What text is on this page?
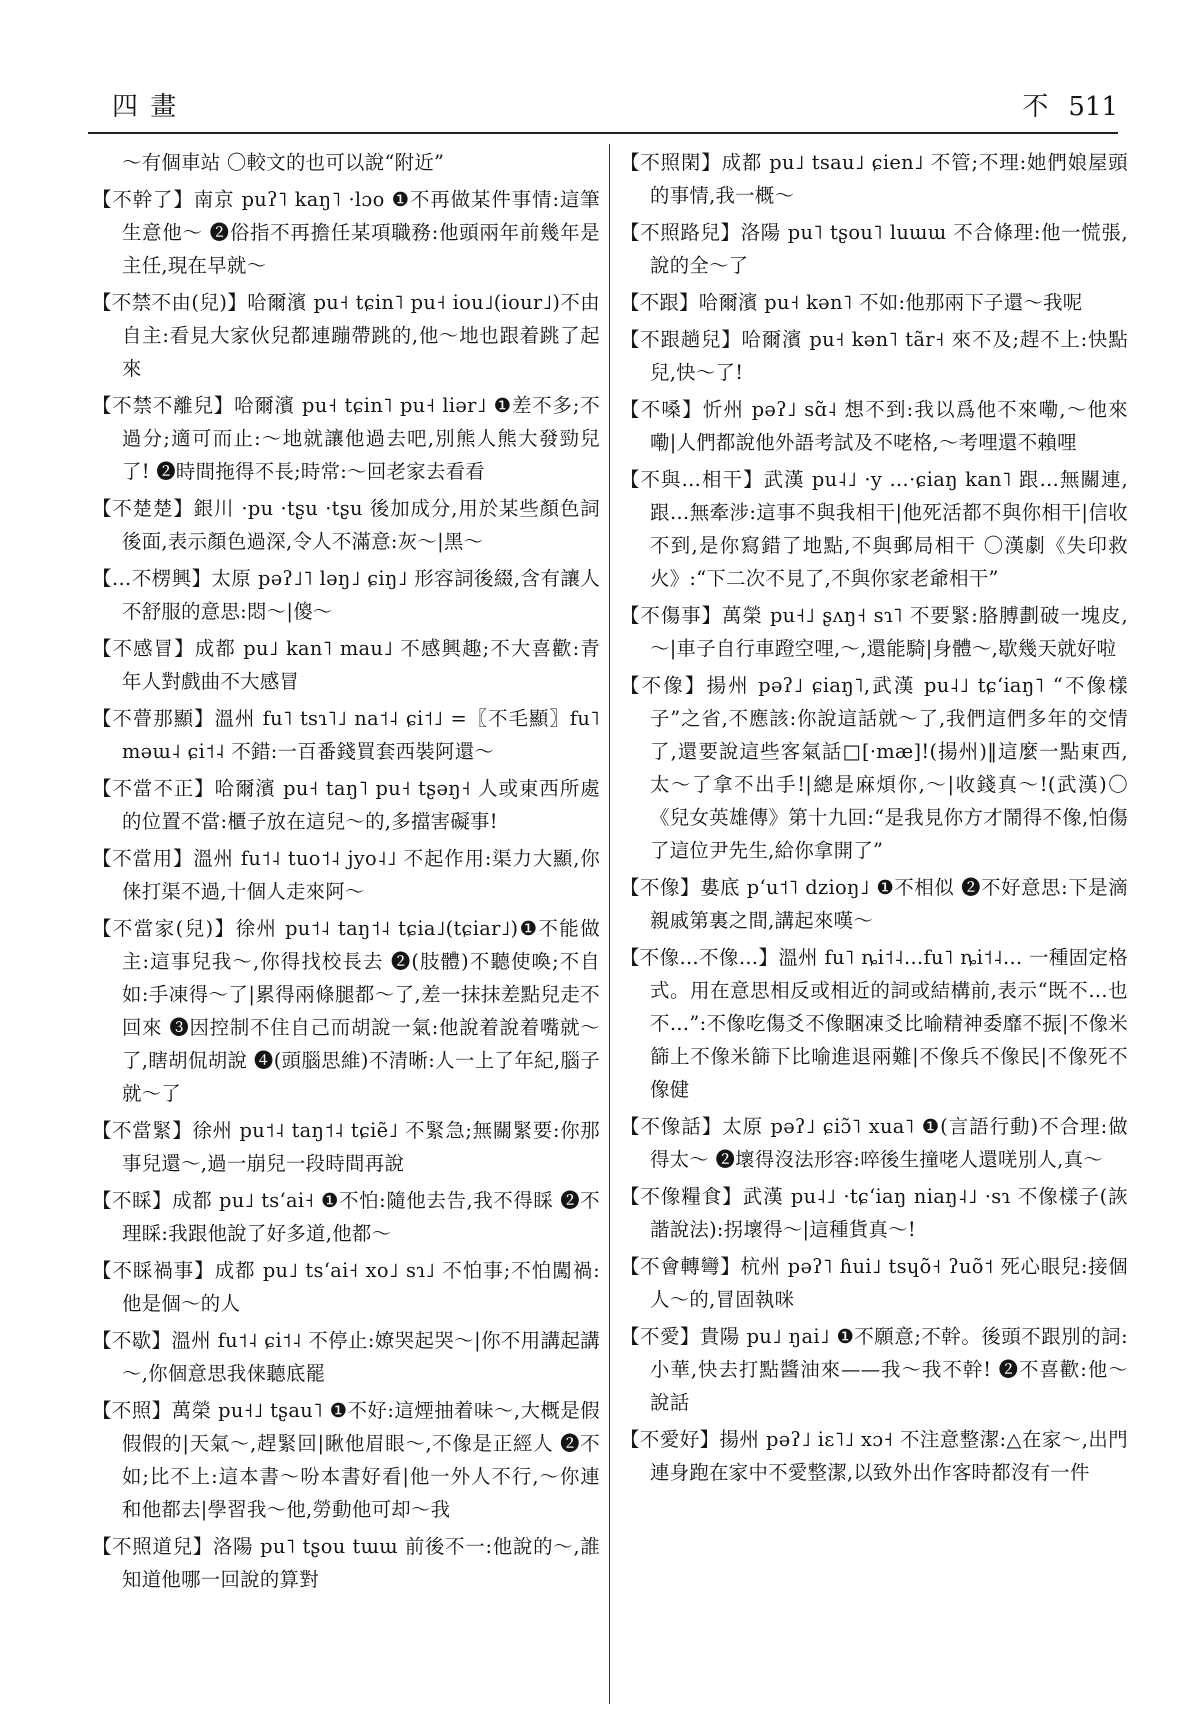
四 畫	不 511

～有個車站 〇較文的也可以說“附近”

【不幹了】南京 puʔ˥ kaŋ˥ ·lɔo ❶不再做某件事情:這筆生意他～ ❷俗指不再擔任某項職務:他頭兩年前幾年是主任,現在早就～

【不禁不由(兒)】哈爾濱 pu˧ tɕin˥ pu˧ iou˩(iour˩)不由自主:看見大家伙兒都連蹦帶跳的,他～地也跟着跳了起來

【不禁不離兒】哈爾濱 pu˧ tɕin˥ pu˧ liər˩ ❶差不多;不過分;適可而止:～地就讓他過去吧,別熊人熊大發勁兒了! ❷時間拖得不長;時常:～回老家去看看

【不楚楚】銀川 ·pu ·tʂu ·tʂu 後加成分,用於某些顏色詞後面,表示顏色過深,令人不滿意:灰～|黑～

【…不楞興】太原 pəʔ˩˥ ləŋ˩ ɕiŋ˩ 形容詞後綴,含有讓人不舒服的意思:悶～|傻～

【不感冒】成都 pu˩ kan˥ mau˩ 不感興趣;不大喜歡:青年人對戲曲不大感冒

【不瞢那顯】溫州 fu˥ tsɿ˥˩ na˦˨ ɕi˦˩ =〖不毛顯〗fu˥ məɯ˨ ɕi˦˨ 不錯:一百番錢買套西裝阿還～

【不當不正】哈爾濱 pu˧ taŋ˥ pu˧ tʂəŋ˧ 人或東西所處的位置不當:櫃子放在這兒～的,多擋害礙事!

【不當用】溫州 fu˦˨ tuo˦˨ jyo˨˩ 不起作用:渠力大顯,你俫打渠不過,十個人走來阿～

【不當家(兒)】徐州 pu˦˨ taŋ˦˨ tɕia˩(tɕiar˩)❶不能做主:這事兒我～,你得找校長去 ❷(肢體)不聽使喚;不自如:手凍得～了|累得兩條腿都～了,差一抹抹差點兒走不回來 ❸因控制不住自己而胡說一氣:他說着說着嘴就～了,瞎胡侃胡說 ❹(頭腦思維)不清晰:人一上了年紀,腦子就～了

【不當緊】徐州 pu˦˨ taŋ˦˨ tɕiẽ˩ 不緊急;無關緊要:你那事兒還～,過一崩兒一段時間再說

【不睬】成都 pu˩ tsʻai˧ ❶不怕:隨他去告,我不得睬 ❷不理睬:我跟他說了好多道,他都～

【不睬禍事】成都 pu˩ tsʻai˧ xo˩ sɿ˩ 不怕事;不怕闖禍:他是個～的人

【不歇】溫州 fu˦˨ ɕi˦˨ 不停止:嫽哭起哭～|你不用講起講～,你個意思我俫聽底罷

【不照】萬榮 pu˧˩ tʂau˥ ❶不好:這煙抽着味～,大概是假假假的|天氣～,趕緊回|瞅他眉眼～,不像是正經人 ❷不如;比不上:這本書～吩本書好看|他一外人不行,～你連和他都去|學習我～他,勞動他可却～我

【不照道兒】洛陽 pu˥ tʂou tɯɯ 前後不一:他說的～,誰知道他哪一回說的算對

【不照閑】成都 pu˩ tsau˩ ɕien˩ 不管;不理:她們娘屋頭的事情,我一概～

【不照路兒】洛陽 pu˥ tʂou˥ luɯɯ 不合條理:他一慌張,說的全～了

【不跟】哈爾濱 pu˧ kən˥ 不如:他那兩下子還～我呢

【不跟趟兒】哈爾濱 pu˧ kən˥ tãr˧ 來不及;趕不上:快點兒,快～了!

【不嗓】忻州 pəʔ˩ sɑ̃˨ 想不到:我以爲他不來嘞,～他來嘞|人們都說他外語考試及不咾格,～考哩還不賴哩

【不與…相干】武漢 pu˨˩ ·y …·ɕiaŋ kan˥ 跟…無關連,跟…無牽涉:這事不與我相干|他死活都不與你相干|信收不到,是你寫錯了地點,不與郵局相干 〇漢劇《失印救火》:“下二次不見了,不與你家老爺相干”

【不傷事】萬榮 pu˧˩ ʂʌŋ˧ sɿ˥ 不要緊:胳膊劃破一塊皮,～|車子自行車蹬空哩,～,還能騎|身體～,歇幾天就好啦

【不像】揚州 pəʔ˩ ɕiaŋ˥,武漢 pu˨˩ tɕʻiaŋ˥ “不像樣子”之省,不應該:你說這話就～了,我們這們多年的交情了,還要說這些客氣話□[·mæ]!(揚州)‖這麼一點東西,太～了拿不出手!|總是麻煩你,～|收錢真～!(武漢)〇《兒女英雄傳》第十九回:“是我見你方才鬧得不像,怕傷了這位尹先生,給你拿開了”

【不像】婁底 pʻu˦˥ dzioŋ˩ ❶不相似 ❷不好意思:下是滴親戚第裏之間,講起來嘆～

【不像…不像…】溫州 fu˥ ȵi˦˨…fu˥ ȵi˦˨… 一種固定格式。用在意思相反或相近的詞或結構前,表示“既不…也不…”:不像吃傷爻不像睏凍爻比喻精神委靡不振|不像米篩上不像米篩下比喻進退兩難|不像兵不像民|不像死不像健

【不像話】太原 pəʔ˩ ɕiɔ̃˥ xua˥ ❶(言語行動)不合理:做得太～ ❷壞得沒法形容:啐後生撞咾人還唴別人,真～

【不像糧食】武漢 pu˨˩ ·tɕʻiaŋ niaŋ˨˩ ·sɿ 不像樣子(詼諧說法):拐壞得～|這種貨真～!

【不會轉彎】杭州 pəʔ˥ ɦui˩ tsɥõ˧ ʔuõ˦ 死心眼兒:接個人～的,冒固執咪

【不愛】貴陽 pu˩ ŋai˩ ❶不願意;不幹。後頭不跟別的詞:小華,快去打點醬油來——我～我不幹! ❷不喜歡:他～說話

【不愛好】揚州 pəʔ˩ iɛ˥˩ xɔ˧ 不注意整潔:△在家～,出門連身跑在家中不愛整潔,以致外出作客時都沒有一件
